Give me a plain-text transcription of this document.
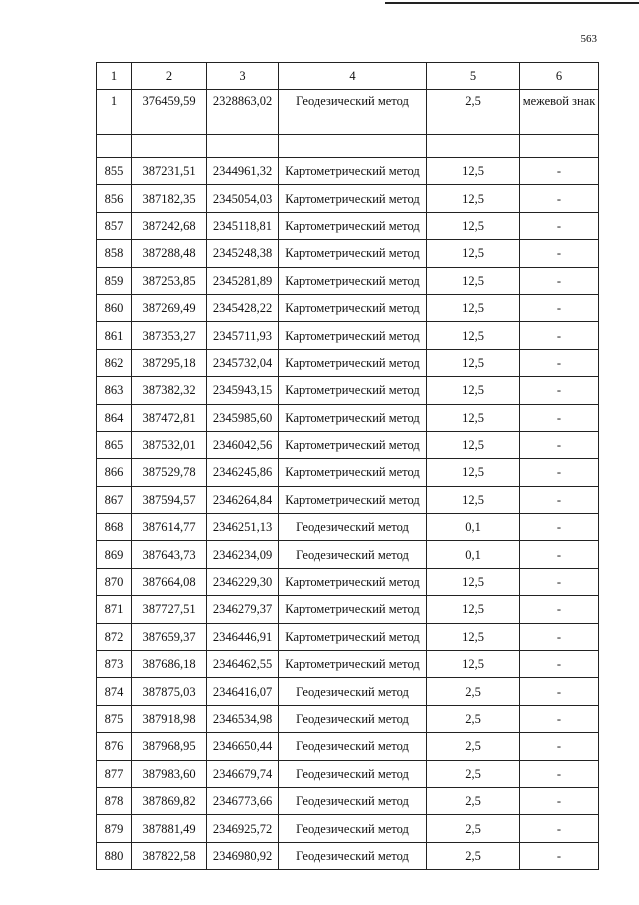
563
1	2	3	4	5	6
1	376459,59	2328863,02	Геодезический метод	2,5	межевой знак

855	387231,51	2344961,32	Картометрический метод	12,5	-
856	387182,35	2345054,03	Картометрический метод	12,5	-
857	387242,68	2345118,81	Картометрический метод	12,5	-
858	387288,48	2345248,38	Картометрический метод	12,5	-
859	387253,85	2345281,89	Картометрический метод	12,5	-
860	387269,49	2345428,22	Картометрический метод	12,5	-
861	387353,27	2345711,93	Картометрический метод	12,5	-
862	387295,18	2345732,04	Картометрический метод	12,5	-
863	387382,32	2345943,15	Картометрический метод	12,5	-
864	387472,81	2345985,60	Картометрический метод	12,5	-
865	387532,01	2346042,56	Картометрический метод	12,5	-
866	387529,78	2346245,86	Картометрический метод	12,5	-
867	387594,57	2346264,84	Картометрический метод	12,5	-
868	387614,77	2346251,13	Геодезический метод	0,1	-
869	387643,73	2346234,09	Геодезический метод	0,1	-
870	387664,08	2346229,30	Картометрический метод	12,5	-
871	387727,51	2346279,37	Картометрический метод	12,5	-
872	387659,37	2346446,91	Картометрический метод	12,5	-
873	387686,18	2346462,55	Картометрический метод	12,5	-
874	387875,03	2346416,07	Геодезический метод	2,5	-
875	387918,98	2346534,98	Геодезический метод	2,5	-
876	387968,95	2346650,44	Геодезический метод	2,5	-
877	387983,60	2346679,74	Геодезический метод	2,5	-
878	387869,82	2346773,66	Геодезический метод	2,5	-
879	387881,49	2346925,72	Геодезический метод	2,5	-
880	387822,58	2346980,92	Геодезический метод	2,5	-
